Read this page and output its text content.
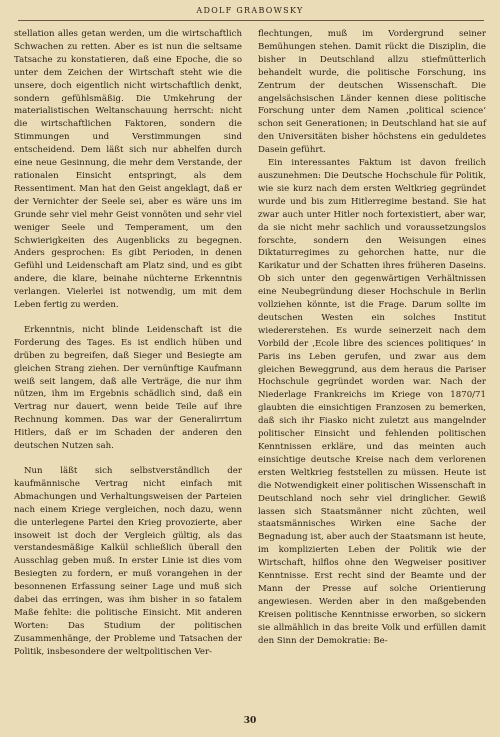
ADOLF GRABOWSKY

stellation alles getan werden, um die wirtschaftlich Schwachen zu retten. Aber es ist nun die seltsame Tatsache zu konstatieren, daß eine Epoche, die so unter dem Zeichen der Wirtschaft steht wie die unsere, doch eigentlich nicht wirtschaftlich denkt, sondern gefühlsmäßig. Die Umkehrung der materialistischen Weltanschauung herrscht: nicht die wirtschaftlichen Faktoren, sondern die Stimmungen und Verstimmungen sind entscheidend. Dem läßt sich nur abhelfen durch eine neue Gesinnung, die mehr dem Verstande, der rationalen Einsicht entspringt, als dem Ressentiment. Man hat den Geist angeklagt, daß er der Vernichter der Seele sei, aber es wäre uns im Grunde sehr viel mehr Geist vonnöten und sehr viel weniger Seele und Temperament, um den Schwierigkeiten des Augenblicks zu begegnen. Anders gesprochen: Es gibt Perioden, in denen Gefühl und Leidenschaft am Platz sind, und es gibt andere, die klare, beinahe nüchterne Erkenntnis verlangen. Vielerlei ist notwendig, um mit dem Leben fertig zu werden.

Erkenntnis, nicht blinde Leidenschaft ist die Forderung des Tages. Es ist endlich hüben und drüben zu begreifen, daß Sieger und Besiegte am gleichen Strang ziehen. Der vernünftige Kaufmann weiß seit langem, daß alle Verträge, die nur ihm nützen, ihm im Ergebnis schädlich sind, daß ein Vertrag nur dauert, wenn beide Teile auf ihre Rechnung kommen. Das war der Generalirrtum Hitlers, daß er im Schaden der anderen den deutschen Nutzen sah.

Nun läßt sich selbstverständlich der kaufmännische Vertrag nicht einfach mit Abmachungen und Verhaltungsweisen der Parteien nach einem Kriege vergleichen, noch dazu, wenn die unterlegene Partei den Krieg provozierte, aber insoweit ist doch der Vergleich gültig, als das verstandesmäßige Kalkül schließlich überall den Ausschlag geben muß. In erster Linie ist dies vom Besiegten zu fordern, er muß vorangehen in der besonnenen Erfassung seiner Lage und muß sich dabei das erringen, was ihm bisher in so fatalem Maße fehlte: die politische Einsicht. Mit anderen Worten: Das Studium der politischen Zusammenhänge, der Probleme und Tatsachen der Politik, insbesondere der weltpolitischen Ver-

flechtungen, muß im Vordergrund seiner Bemühungen stehen. Damit rückt die Disziplin, die bisher in Deutschland allzu stiefmütterlich behandelt wurde, die politische Forschung, ins Zentrum der deutschen Wissenschaft. Die angelsächsischen Länder kennen diese politische Forschung unter dem Namen ‚political science‘ schon seit Generationen; in Deutschland hat sie auf den Universitäten bisher höchstens ein geduldetes Dasein geführt.

Ein interessantes Faktum ist davon freilich auszunehmen: Die Deutsche Hochschule für Politik, wie sie kurz nach dem ersten Weltkrieg gegründet wurde und bis zum Hitlerregime bestand. Sie hat zwar auch unter Hitler noch fortexistiert, aber war, da sie nicht mehr sachlich und voraussetzungslos forschte, sondern den Weisungen eines Diktaturregimes zu gehorchen hatte, nur die Karikatur und der Schatten ihres früheren Daseins. Ob sich unter den gegenwärtigen Verhältnissen eine Neubegründung dieser Hochschule in Berlin vollziehen könnte, ist die Frage. Darum sollte im deutschen Westen ein solches Institut wiedererstehen. Es wurde seinerzeit nach dem Vorbild der ‚Ecole libre des sciences politiques‘ in Paris ins Leben gerufen, und zwar aus dem gleichen Beweggrund, aus dem heraus die Pariser Hochschule gegründet worden war. Nach der Niederlage Frankreichs im Kriege von 1870/71 glaubten die einsichtigen Franzosen zu bemerken, daß sich ihr Fiasko nicht zuletzt aus mangelnder politischer Einsicht und fehlenden politischen Kenntnissen erkläre, und das meinten auch einsichtige deutsche Kreise nach dem verlorenen ersten Weltkrieg feststellen zu müssen. Heute ist die Notwendigkeit einer politischen Wissenschaft in Deutschland noch sehr viel dringlicher. Gewiß lassen sich Staatsmänner nicht züchten, weil staatsmännisches Wirken eine Sache der Begnadung ist, aber auch der Staatsmann ist heute, im komplizierten Leben der Politik wie der Wirtschaft, hilflos ohne den Wegweiser positiver Kenntnisse. Erst recht sind der Beamte und der Mann der Presse auf solche Orientierung angewiesen. Werden aber in den maßgebenden Kreisen politische Kenntnisse erworben, so sickern sie allmählich in das breite Volk und erfüllen damit den Sinn der Demokratie: Be-

30
